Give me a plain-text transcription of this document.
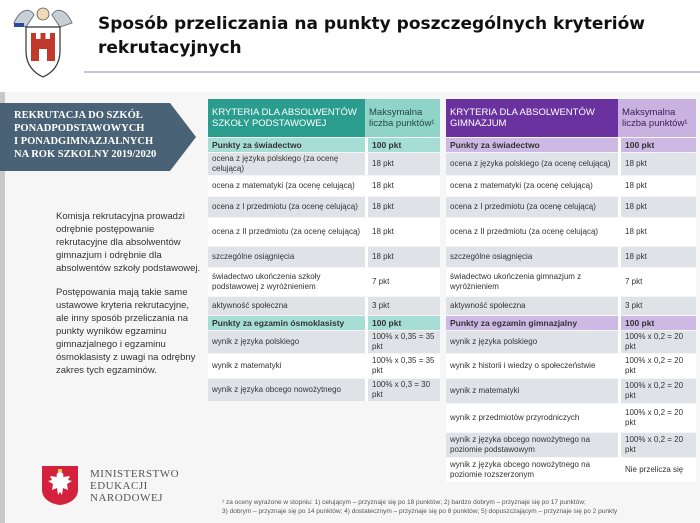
Sposób przeliczania na punkty poszczególnych kryteriów rekrutacyjnych
REKRUTACJA DO SZKÓŁ
PONADPODSTAWOWYCH
I PONADGIMNAZJALNYCH
NA ROK SZKOLNY 2019/2020

Komisja rekrutacyjna prowadzi odrębnie postępowanie rekrutacyjne dla absolwentów gimnazjum i odrębnie dla absolwentów szkoły podstawowej.

Postępowania mają takie same ustawowe kryteria rekrutacyjne, ale inny sposób przeliczania na punkty wyników egzaminu gimnazjalnego i egzaminu ósmoklasisty z uwagi na odrębny zakres tych egzaminów.

MINISTERSTWO
EDUKACJI
NARODOWEJ
KRYTERIA DLA ABSOLWENTÓW SZKOŁY PODSTAWOWEJ	Maksymalna liczba punktów¹
Punkty za świadectwo	100 pkt
ocena z języka polskiego (za ocenę celującą)	18 pkt
ocena z matematyki (za ocenę celującą)	18 pkt
ocena z I przedmiotu (za ocenę celującą)	18 pkt
ocena z II przedmiotu (za ocenę celującą)	18 pkt
szczególne osiągnięcia	18 pkt
świadectwo ukończenia szkoły podstawowej z wyróżnieniem	7 pkt
aktywność społeczna	3 pkt
Punkty za egzamin ósmoklasisty	100 pkt
wynik z języka polskiego	100% x 0,35 = 35 pkt
wynik z matematyki	100% x 0,35 = 35 pkt
wynik z języka obcego nowożytnego	100% x 0,3 = 30 pkt
KRYTERIA DLA ABSOLWENTÓW GIMNAZJUM	Maksymalna liczba punktów¹
Punkty za świadectwo	100 pkt
ocena z języka polskiego (za ocenę celującą)	18 pkt
ocena z matematyki (za ocenę celującą)	18 pkt
ocena z I przedmiotu (za ocenę celującą)	18 pkt
ocena z II przedmiotu (za ocenę celującą)	18 pkt
szczególne osiągnięcia	18 pkt
świadectwo ukończenia gimnazjum z wyróżnieniem	7 pkt
aktywność społeczna	3 pkt
Punkty za egzamin gimnazjalny	100 pkt
wynik z języka polskiego	100% x 0,2 = 20 pkt
wynik z historii i wiedzy o społeczeństwie	100% x 0,2 = 20 pkt
wynik z matematyki	100% x 0,2 = 20 pkt
wynik z przedmiotów przyrodniczych	100% x 0,2 = 20 pkt
wynik z języka obcego nowożytnego na poziomie podstawowym	100% x 0,2 = 20 pkt
wynik z języka obcego nowożytnego na poziomie rozszerzonym	Nie przelicza się
¹ za oceny wyrażone w stopniu: 1) celującym – przyznaje się po 18 punktów; 2) bardzo dobrym – przyznaje się po 17 punktów;
3) dobrym – przyznaje się po 14 punktów; 4) dostatecznym – przyznaje się po 8 punktów; 5) dopuszczającym – przyznaje się po 2 punkty
